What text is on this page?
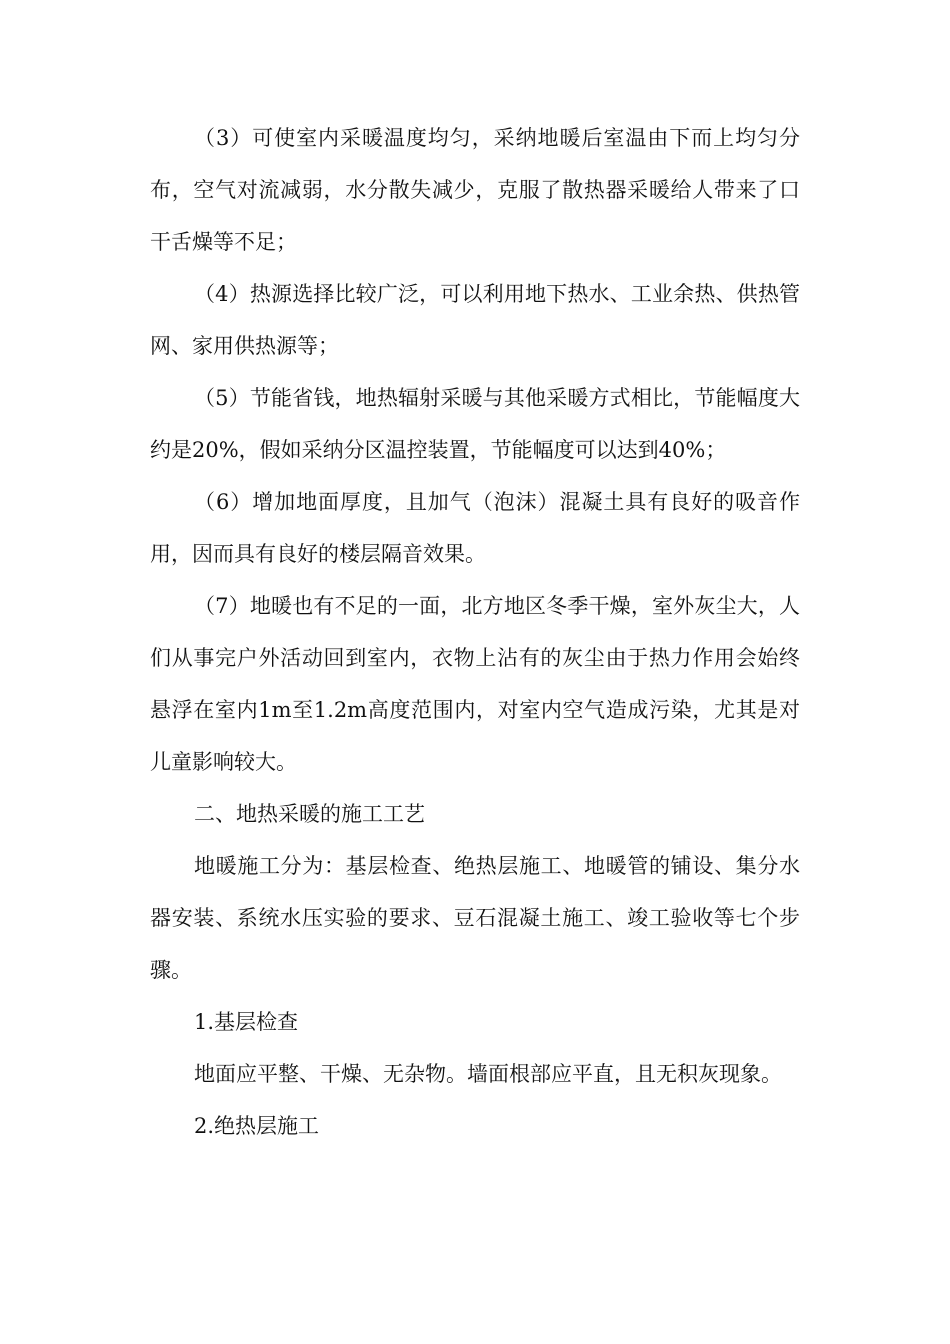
（3）可使室内采暖温度均匀，采纳地暖后室温由下而上均匀分布，空气对流减弱，水分散失减少，克服了散热器采暖给人带来了口干舌燥等不足；

（4）热源选择比较广泛，可以利用地下热水、工业余热、供热管网、家用供热源等；

（5）节能省钱，地热辐射采暖与其他采暖方式相比，节能幅度大约是20%，假如采纳分区温控装置，节能幅度可以达到40%；

（6）增加地面厚度，且加气（泡沫）混凝土具有良好的吸音作用，因而具有良好的楼层隔音效果。

（7）地暖也有不足的一面，北方地区冬季干燥，室外灰尘大，人们从事完户外活动回到室内，衣物上沾有的灰尘由于热力作用会始终悬浮在室内1m至1.2m高度范围内，对室内空气造成污染，尤其是对儿童影响较大。

二、地热采暖的施工工艺

地暖施工分为：基层检查、绝热层施工、地暖管的铺设、集分水器安装、系统水压实验的要求、豆石混凝土施工、竣工验收等七个步骤。

1.基层检查

地面应平整、干燥、无杂物。墙面根部应平直，且无积灰现象。

2.绝热层施工
